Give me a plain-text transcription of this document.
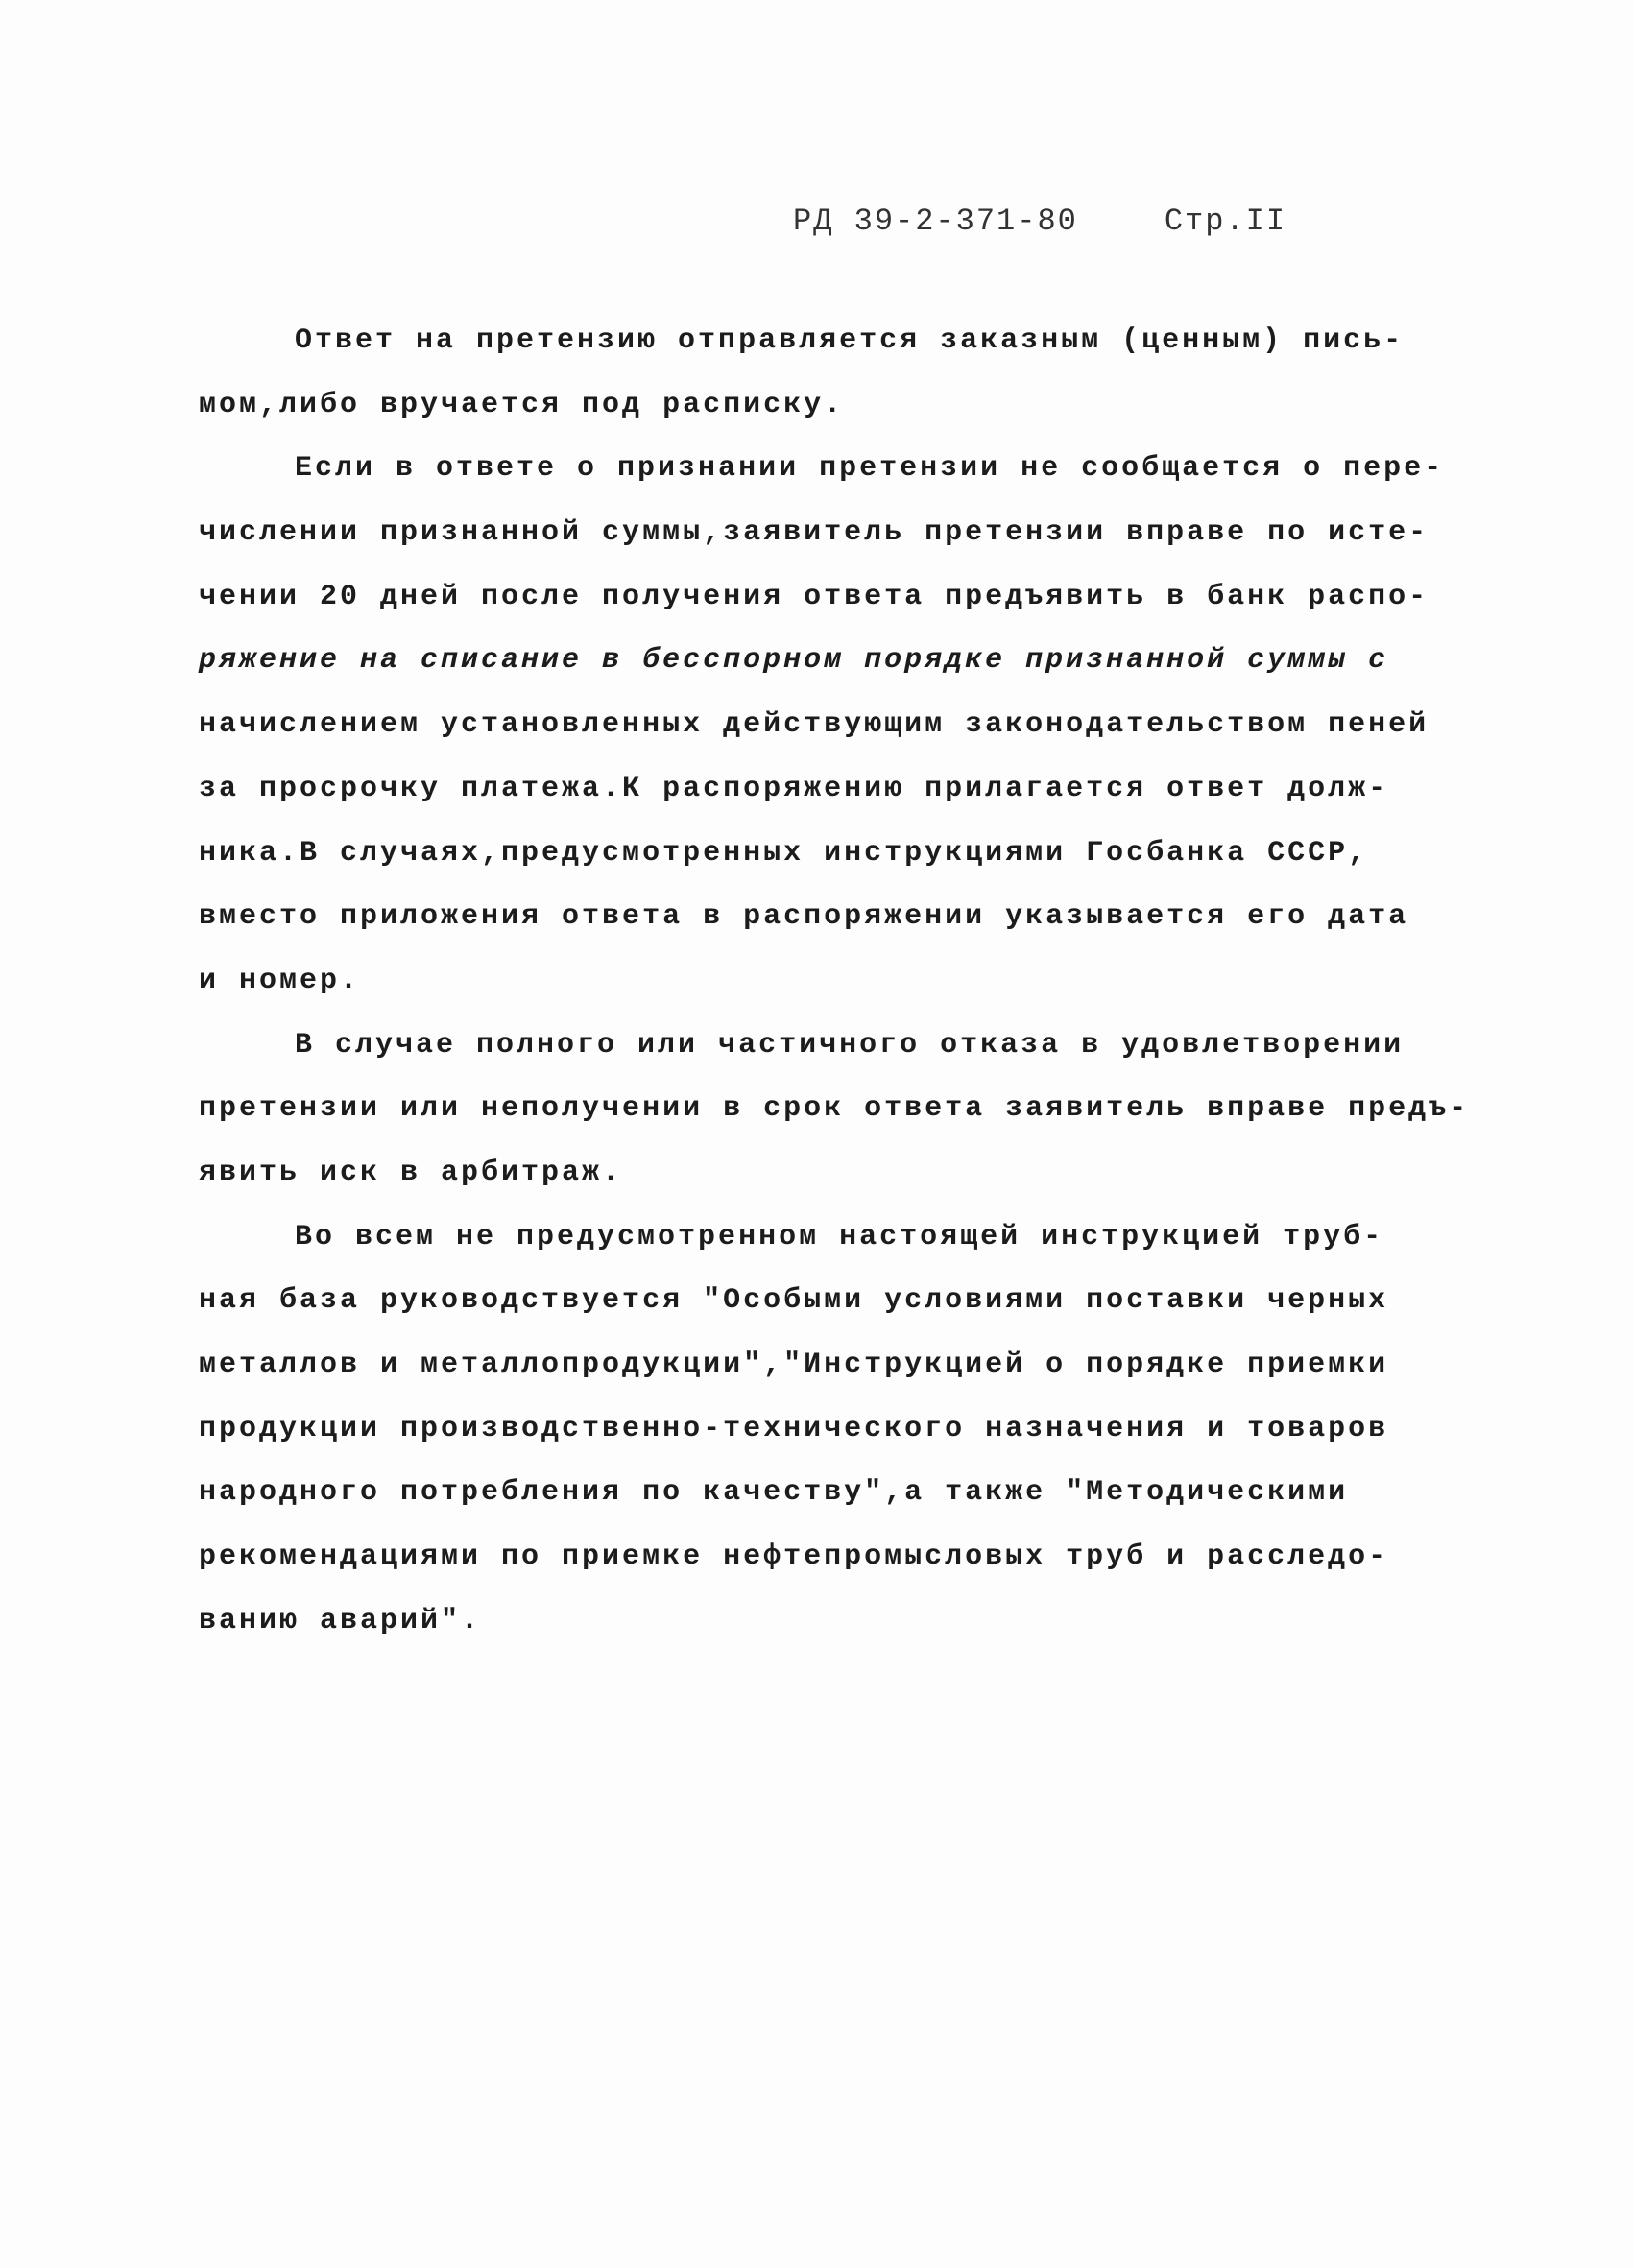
РД 39-2-371-80	Стр.II
Ответ на претензию отправляется заказным (ценным) пись-
мом,либо вручается под расписку.
Если в ответе о признании претензии не сообщается о пере-
числении признанной суммы,заявитель претензии вправе по исте-
чении 20 дней после получения ответа предъявить в банк распо-
ряжение на списание в бесспорном порядке признанной суммы с
начислением установленных действующим законодательством пеней
за просрочку платежа.К распоряжению прилагается ответ долж-
ника.В случаях,предусмотренных инструкциями Госбанка СССР,
вместо приложения ответа в распоряжении указывается его дата
и номер.
В случае полного или частичного отказа в удовлетворении
претензии или неполучении в срок ответа заявитель вправе предъ-
явить иск в арбитраж.
Во всем не предусмотренном настоящей инструкцией труб-
ная база руководствуется "Особыми условиями поставки черных
металлов и металлопродукции","Инструкцией о порядке приемки
продукции производственно-технического назначения и товаров
народного потребления по качеству",а также "Методическими
рекомендациями по приемке нефтепромысловых труб и расследо-
ванию аварий".
